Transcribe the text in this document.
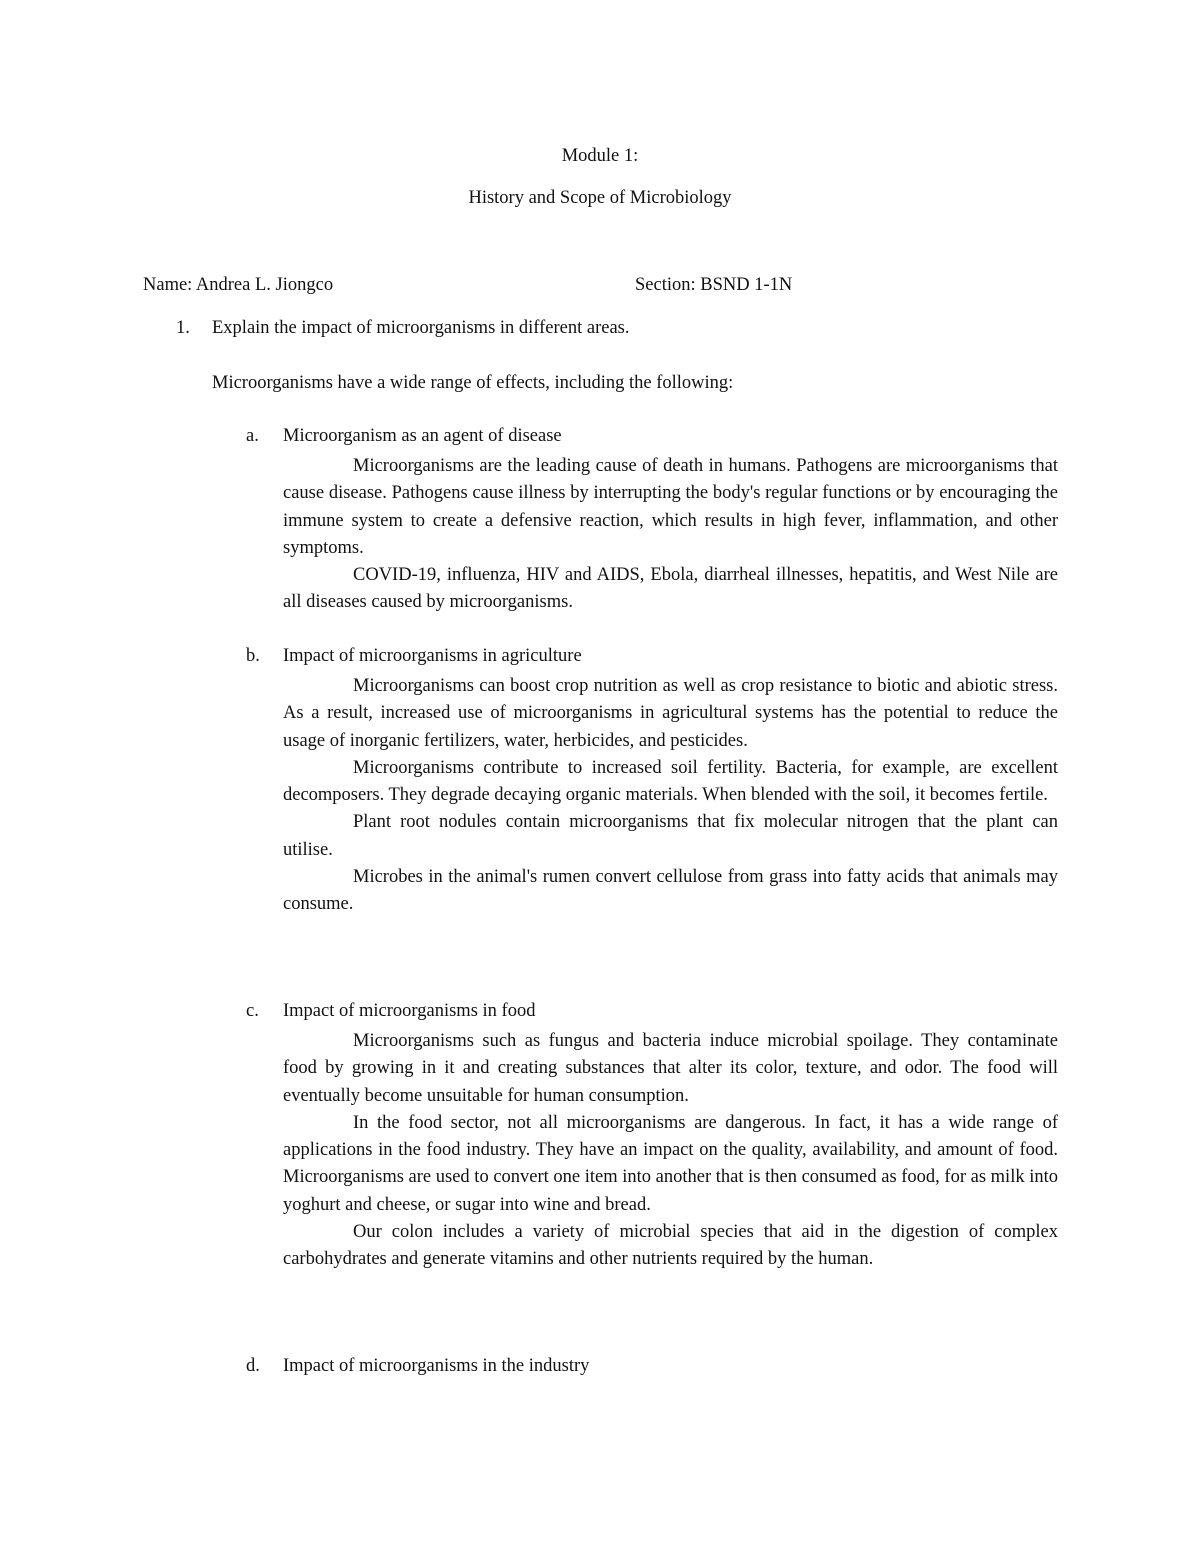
Module 1:

History and Scope of Microbiology

Name: Andrea L. Jiongco	Section: BSND 1-1N
1. Explain the impact of microorganisms in different areas.
Microorganisms have a wide range of effects, including the following:
a. Microorganism as an agent of disease

Microorganisms are the leading cause of death in humans. Pathogens are microorganisms that cause disease. Pathogens cause illness by interrupting the body's regular functions or by encouraging the immune system to create a defensive reaction, which results in high fever, inflammation, and other symptoms.

COVID-19, influenza, HIV and AIDS, Ebola, diarrheal illnesses, hepatitis, and West Nile are all diseases caused by microorganisms.

b. Impact of microorganisms in agriculture

Microorganisms can boost crop nutrition as well as crop resistance to biotic and abiotic stress. As a result, increased use of microorganisms in agricultural systems has the potential to reduce the usage of inorganic fertilizers, water, herbicides, and pesticides.

Microorganisms contribute to increased soil fertility. Bacteria, for example, are excellent decomposers. They degrade decaying organic materials. When blended with the soil, it becomes fertile.

Plant root nodules contain microorganisms that fix molecular nitrogen that the plant can utilise.

Microbes in the animal's rumen convert cellulose from grass into fatty acids that animals may consume.

c. Impact of microorganisms in food

Microorganisms such as fungus and bacteria induce microbial spoilage. They contaminate food by growing in it and creating substances that alter its color, texture, and odor. The food will eventually become unsuitable for human consumption.

In the food sector, not all microorganisms are dangerous. In fact, it has a wide range of applications in the food industry. They have an impact on the quality, availability, and amount of food. Microorganisms are used to convert one item into another that is then consumed as food, for as milk into yoghurt and cheese, or sugar into wine and bread.

Our colon includes a variety of microbial species that aid in the digestion of complex carbohydrates and generate vitamins and other nutrients required by the human.

d. Impact of microorganisms in the industry
